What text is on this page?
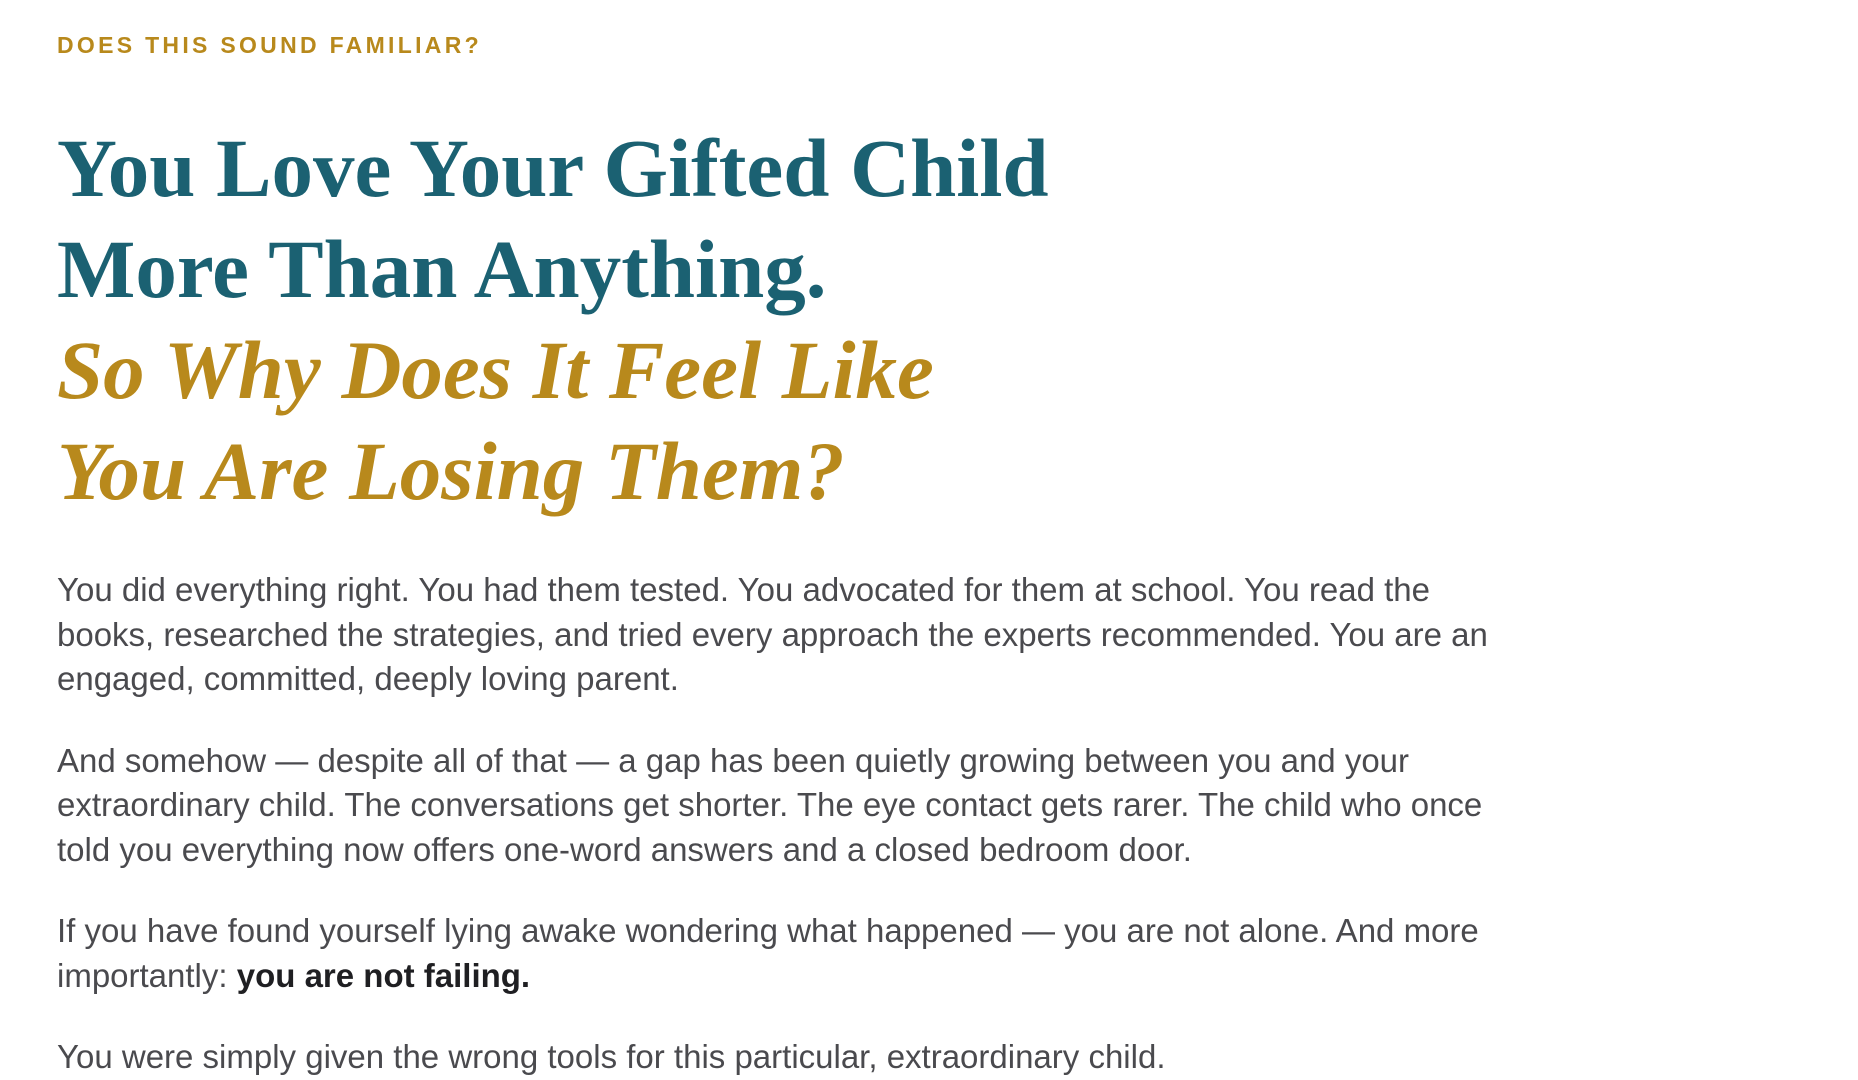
DOES THIS SOUND FAMILIAR?
You Love Your Gifted Child
More Than Anything.
So Why Does It Feel Like
You Are Losing Them?

You did everything right. You had them tested. You advocated for them at school. You read the books, researched the strategies, and tried every approach the experts recommended. You are an engaged, committed, deeply loving parent.

And somehow — despite all of that — a gap has been quietly growing between you and your extraordinary child. The conversations get shorter. The eye contact gets rarer. The child who once told you everything now offers one-word answers and a closed bedroom door.

If you have found yourself lying awake wondering what happened — you are not alone. And more importantly: you are not failing.

You were simply given the wrong tools for this particular, extraordinary child.
